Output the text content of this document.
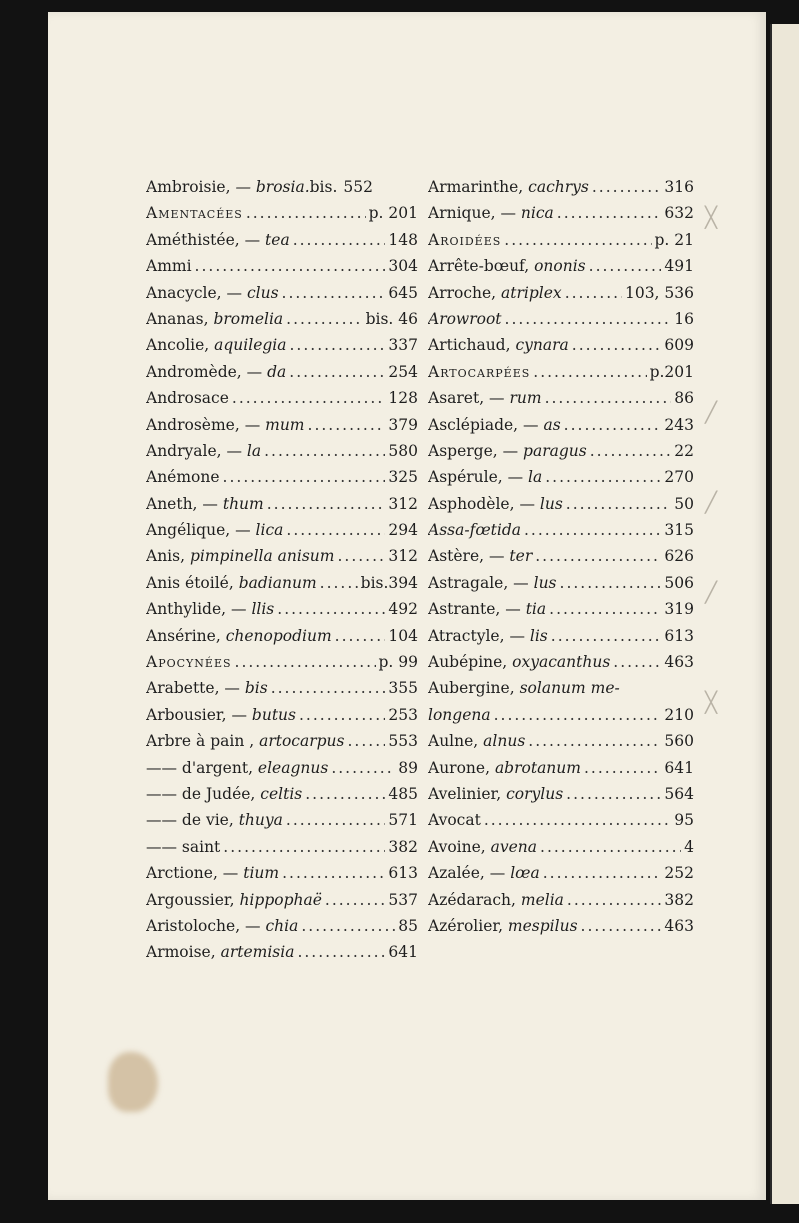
Ambroisie, — brosia.bis. 552
Amentacées .....	p. 201
Améthistée, — tea .....	148
Ammi .....	304
Anacycle, — clus .....	645
Ananas, bromelia .....	bis. 46
Ancolie, aquilegia .....	337
Andromède, — da .....	254
Androsace .....	128
Androsème, — mum .....	379
Andryale, — la .....	580
Anémone .....	325
Aneth, — thum .....	312
Angélique, — lica .....	294
Anis, pimpinella anisum .....	312
Anis étoilé, badianum .....	bis.394
Anthylide, — llis .....	492
Ansérine, chenopodium .....	104
Apocynées .....	p. 99
Arabette, — bis .....	355
Arbousier, — butus .....	253
Arbre à pain , artocarpus .....	553
—— d'argent, eleagnus .....	89
—— de Judée, celtis .....	485
—— de vie, thuya .....	571
—— saint .....	382
Arctione, — tium .....	613
Argoussier, hippophaë .....	537
Aristoloche, — chia .....	85
Armoise, artemisia .....	641
Armarinthe, cachrys .....	316
Arnique, — nica .....	632
Aroidées .....	p. 21
Arrête-bœuf, ononis .....	491
Arroche, atriplex .....	103, 536
Arowroot .....	16
Artichaud, cynara .....	609
Artocarpées .....	p.201
Asaret, — rum .....	86
Asclépiade, — as .....	243
Asperge, — paragus .....	22
Aspérule, — la .....	270
Asphodèle, — lus .....	50
Assa-fœtida .....	315
Astère, — ter .....	626
Astragale, — lus .....	506
Astrante, — tia .....	319
Atractyle, — lis .....	613
Aubépine, oxyacanthus .....	463
Aubergine, solanum me-
longena .....	210
Aulne, alnus .....	560
Aurone, abrotanum .....	641
Avelinier, corylus .....	564
Avocat .....	95
Avoine, avena .....	4
Azalée, — lœa .....	252
Azédarach, melia .....	382
Azérolier, mespilus .....	463
╳
╱
╱
╱
╳
